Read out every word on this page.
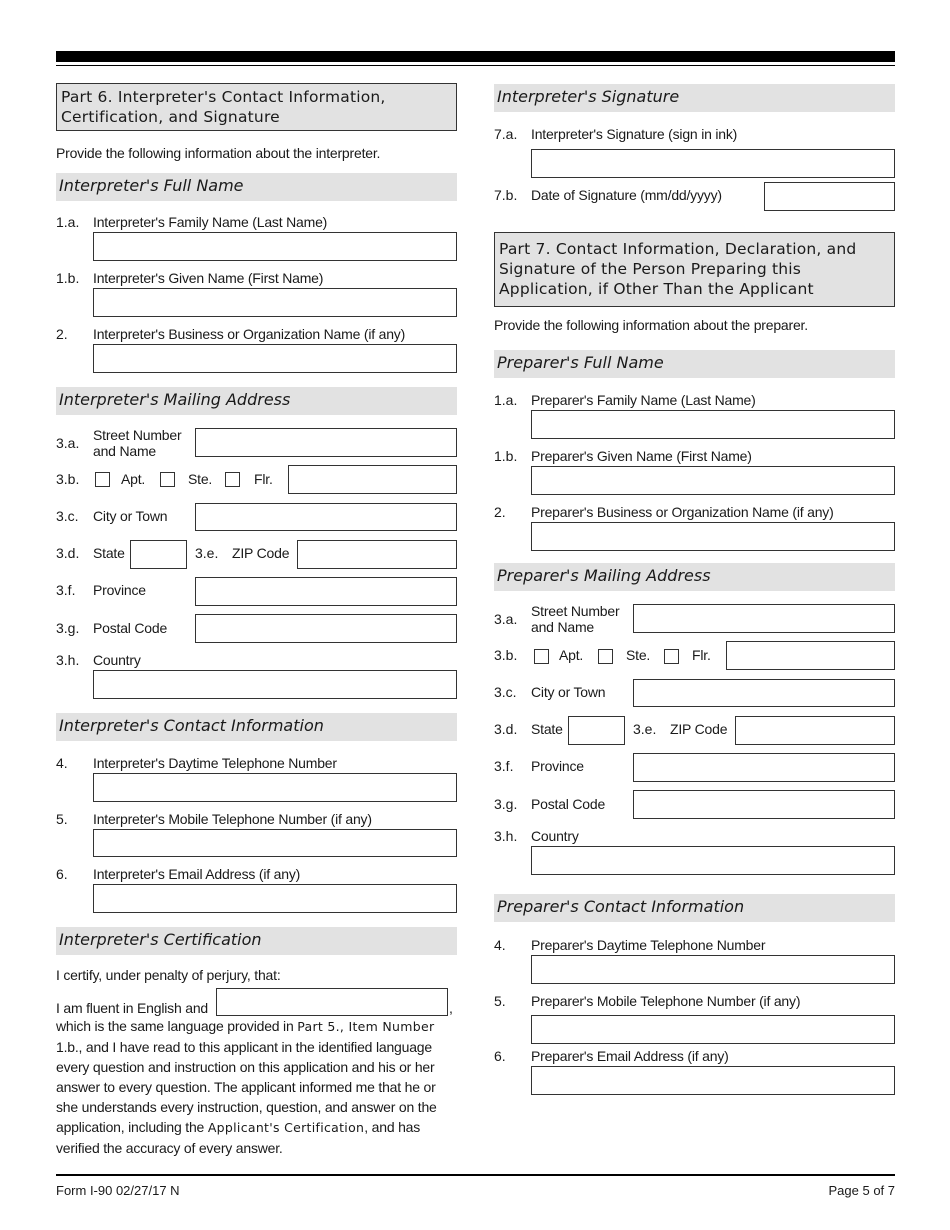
Part 6. Interpreter's Contact Information,
Certification, and Signature
Provide the following information about the interpreter.
Interpreter's Full Name
1.a. Interpreter's Family Name (Last Name)
1.b. Interpreter's Given Name (First Name)
2. Interpreter's Business or Organization Name (if any)
Interpreter's Mailing Address
3.a. Street Number
and Name
3.b.	Apt.	Ste.	Flr.
3.c. City or Town
3.d. State	3.e. ZIP Code
3.f. Province
3.g. Postal Code
3.h. Country
Interpreter's Contact Information
4. Interpreter's Daytime Telephone Number
5. Interpreter's Mobile Telephone Number (if any)
6. Interpreter's Email Address (if any)
Interpreter's Certification
I certify, under penalty of perjury, that:
I am fluent in English and	,
which is the same language provided in Part 5., Item Number 1.b., and I have read to this applicant in the identified language every question and instruction on this application and his or her answer to every question. The applicant informed me that he or she understands every instruction, question, and answer on the application, including the Applicant's Certification, and has verified the accuracy of every answer.
Interpreter's Signature
7.a. Interpreter's Signature (sign in ink)
7.b. Date of Signature (mm/dd/yyyy)
Part 7. Contact Information, Declaration, and
Signature of the Person Preparing this
Application, if Other Than the Applicant
Provide the following information about the preparer.
Preparer's Full Name
1.a. Preparer's Family Name (Last Name)
1.b. Preparer's Given Name (First Name)
2. Preparer's Business or Organization Name (if any)
Preparer's Mailing Address
3.a. Street Number
and Name
3.b.	Apt.	Ste.	Flr.
3.c. City or Town
3.d. State	3.e. ZIP Code
3.f. Province
3.g. Postal Code
3.h. Country
Preparer's Contact Information
4. Preparer's Daytime Telephone Number
5. Preparer's Mobile Telephone Number (if any)
6. Preparer's Email Address (if any)
Form I-90 02/27/17 N	Page 5 of 7
